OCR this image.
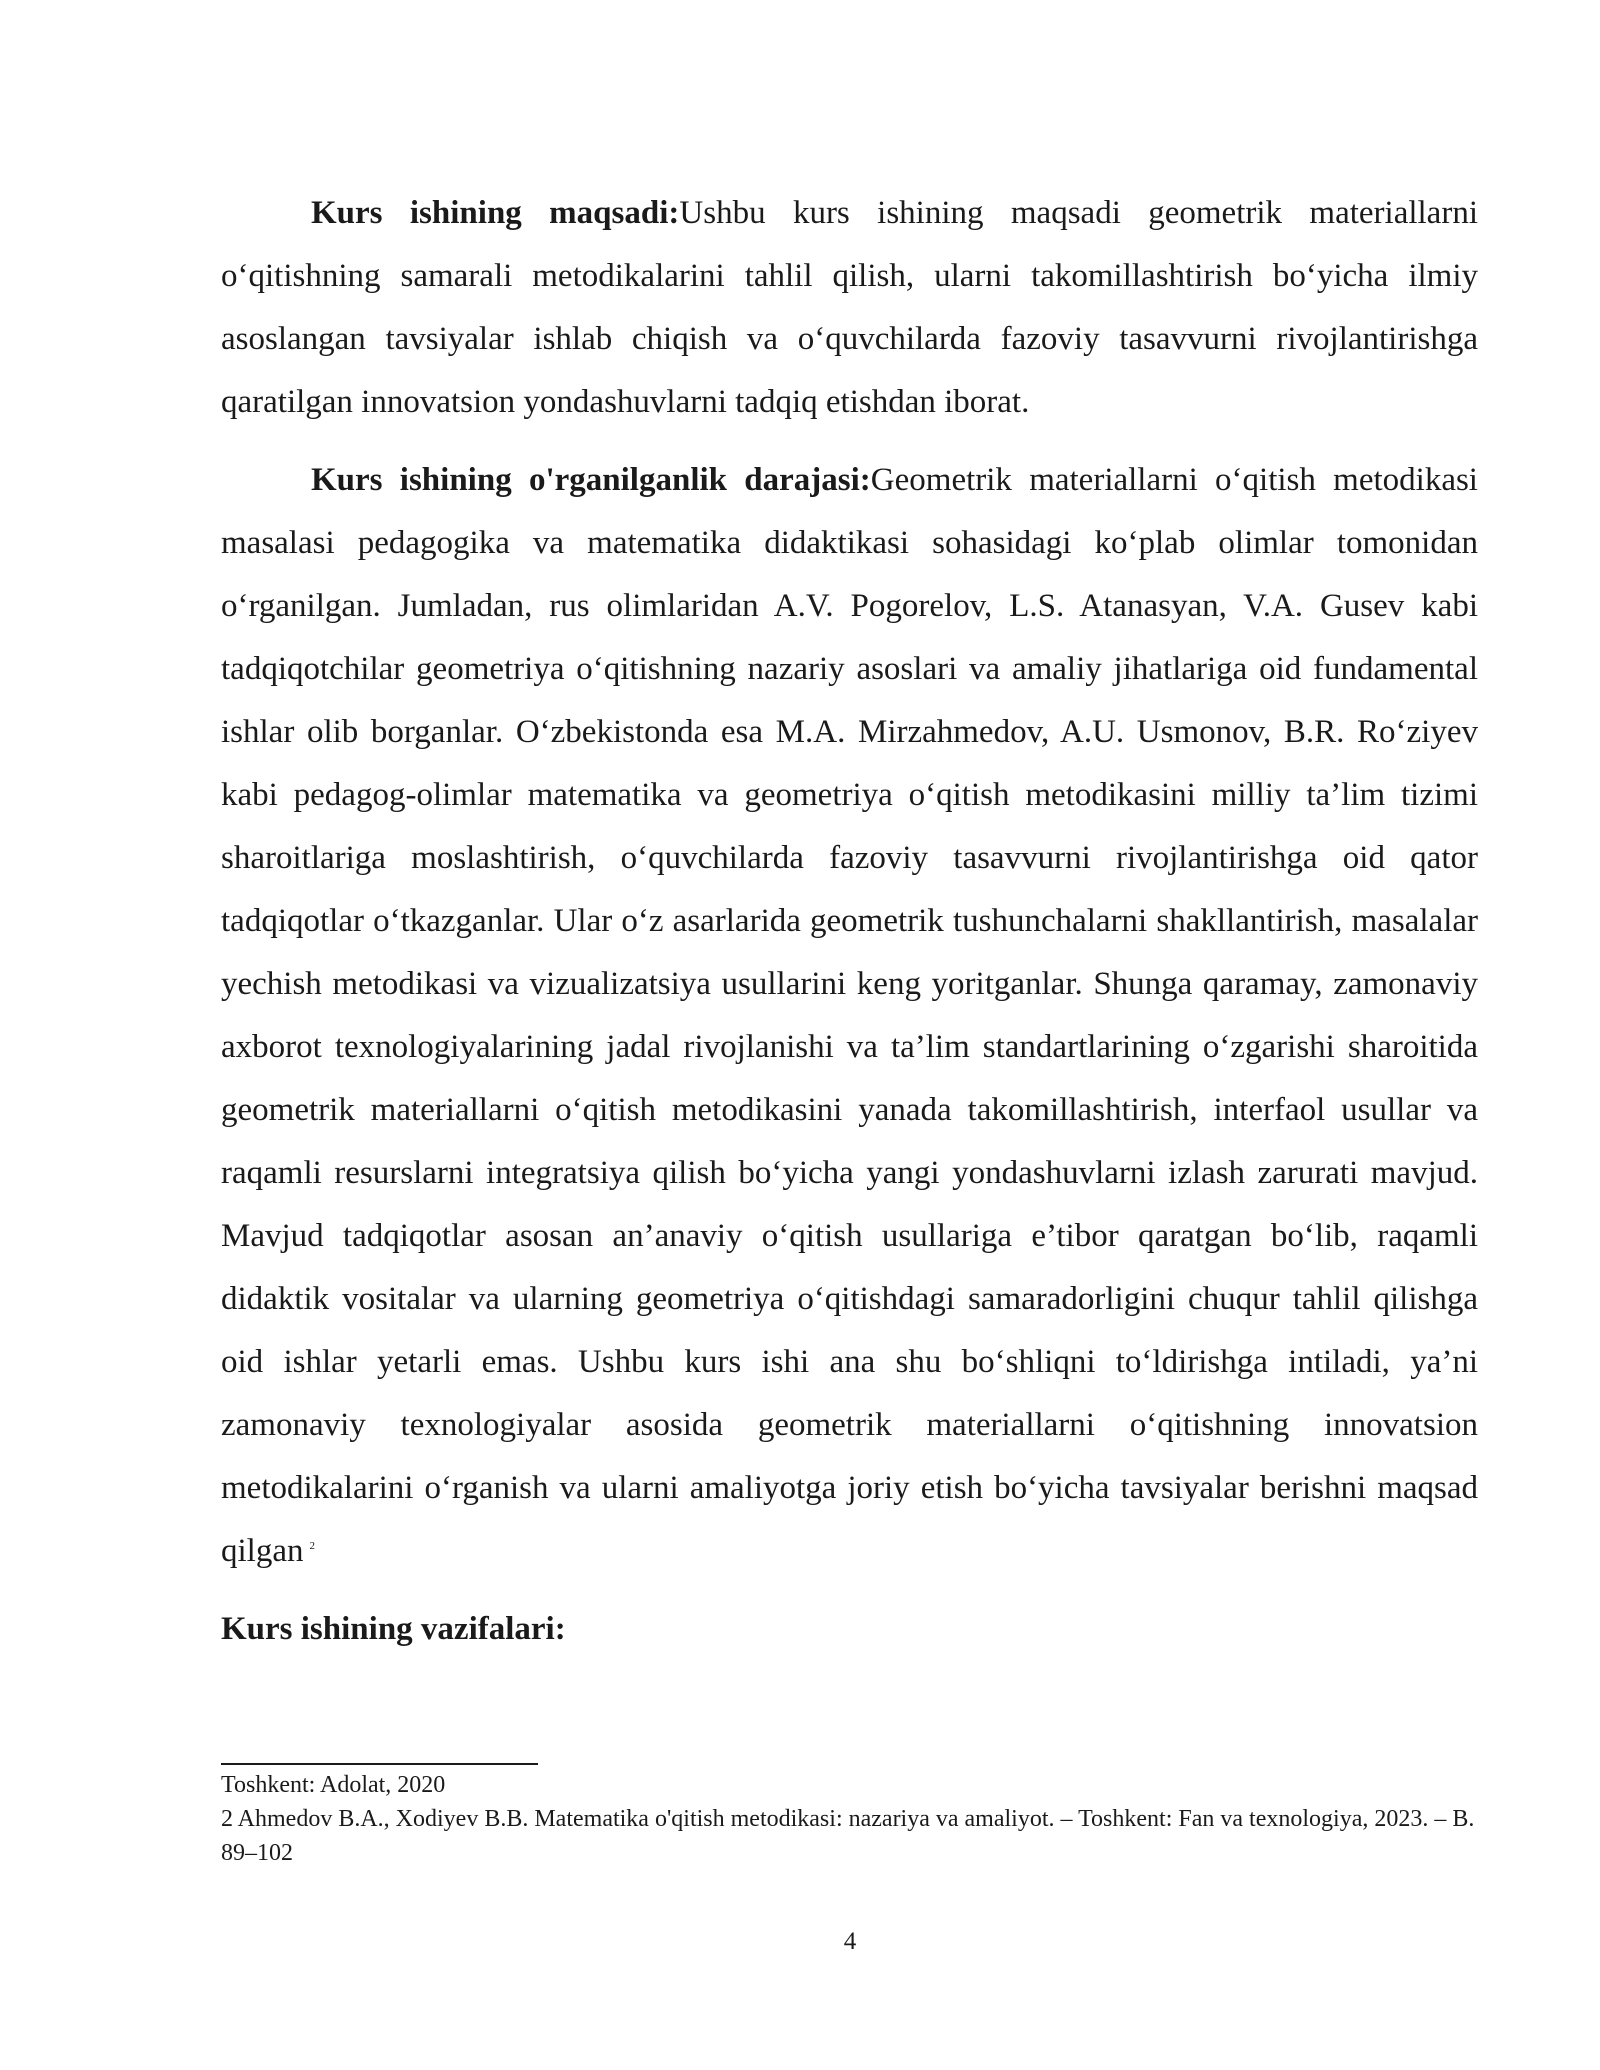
Kurs ishining maqsadi:Ushbu kurs ishining maqsadi geometrik materiallarni o‘qitishning samarali metodikalarini tahlil qilish, ularni takomillashtirish bo‘yicha ilmiy asoslangan tavsiyalar ishlab chiqish va o‘quvchilarda fazoviy tasavvurni rivojlantirishga qaratilgan innovatsion yondashuvlarni tadqiq etishdan iborat.

Kurs ishining o'rganilganlik darajasi:Geometrik materiallarni o‘qitish metodikasi masalasi pedagogika va matematika didaktikasi sohasidagi ko‘plab olimlar tomonidan o‘rganilgan. Jumladan, rus olimlaridan A.V. Pogorelov, L.S. Atanasyan, V.A. Gusev kabi tadqiqotchilar geometriya o‘qitishning nazariy asoslari va amaliy jihatlariga oid fundamental ishlar olib borganlar. O‘zbekistonda esa M.A. Mirzahmedov, A.U. Usmonov, B.R. Ro‘ziyev kabi pedagog-olimlar matematika va geometriya o‘qitish metodikasini milliy ta’lim tizimi sharoitlariga moslashtirish, o‘quvchilarda fazoviy tasavvurni rivojlantirishga oid qator tadqiqotlar o‘tkazganlar. Ular o‘z asarlarida geometrik tushunchalarni shakllantirish, masalalar yechish metodikasi va vizualizatsiya usullarini keng yoritganlar. Shunga qaramay, zamonaviy axborot texnologiyalarining jadal rivojlanishi va ta’lim standartlarining o‘zgarishi sharoitida geometrik materiallarni o‘qitish metodikasini yanada takomillashtirish, interfaol usullar va raqamli resurslarni integratsiya qilish bo‘yicha yangi yondashuvlarni izlash zarurati mavjud. Mavjud tadqiqotlar asosan an’anaviy o‘qitish usullariga e’tibor qaratgan bo‘lib, raqamli didaktik vositalar va ularning geometriya o‘qitishdagi samaradorligini chuqur tahlil qilishga oid ishlar yetarli emas. Ushbu kurs ishi ana shu bo‘shliqni to‘ldirishga intiladi, ya’ni zamonaviy texnologiyalar asosida geometrik materiallarni o‘qitishning innovatsion metodikalarini o‘rganish va ularni amaliyotga joriy etish bo‘yicha tavsiyalar berishni maqsad qilgan $^2$

Kurs ishining vazifalari:

Toshkent: Adolat, 2020

2 Ahmedov B.A., Xodiyev B.B. Matematika o'qitish metodikasi: nazariya va amaliyot. – Toshkent: Fan va texnologiya, 2023. – B. 89–102

4
